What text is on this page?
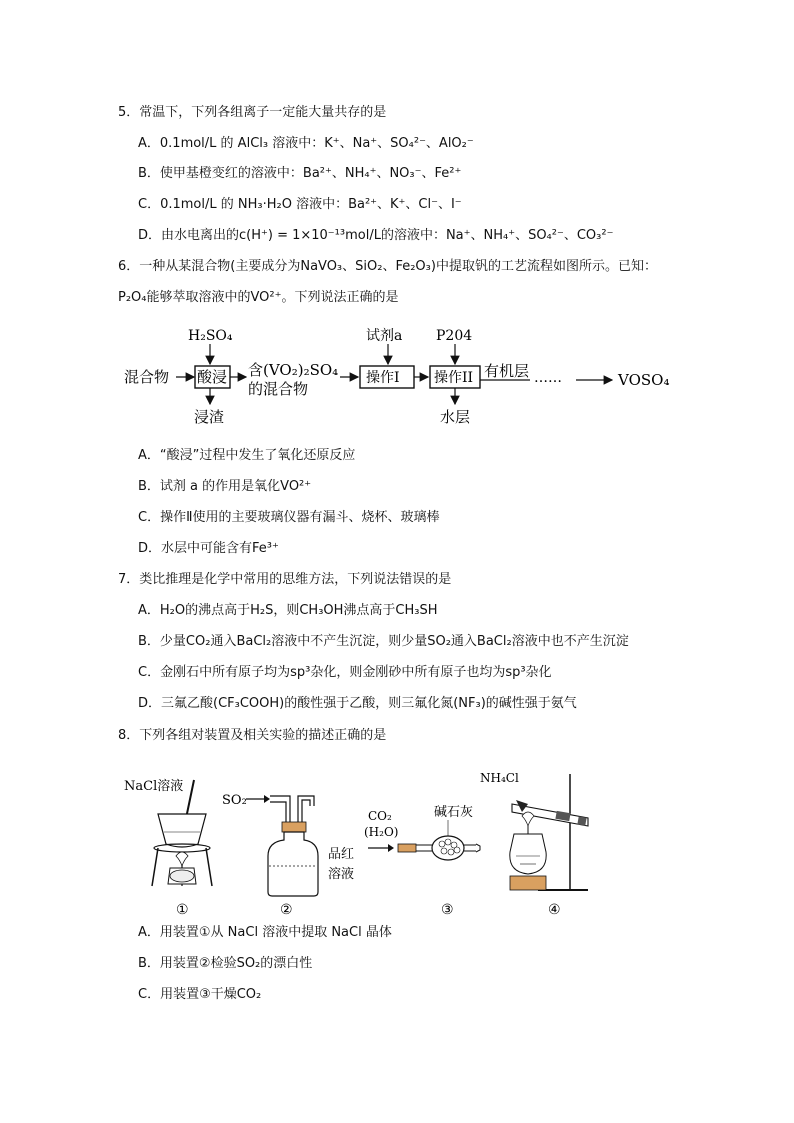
5．常温下，下列各组离子一定能大量共存的是
A．0.1mol/L 的 AlCl₃ 溶液中：K⁺、Na⁺、SO₄²⁻、AlO₂⁻
B．使甲基橙变红的溶液中：Ba²⁺、NH₄⁺、NO₃⁻、Fe²⁺
C．0.1mol/L 的 NH₃·H₂O 溶液中：Ba²⁺、K⁺、Cl⁻、I⁻
D．由水电离出的c(H⁺) = 1×10⁻¹³mol/L的溶液中：Na⁺、NH₄⁺、SO₄²⁻、CO₃²⁻
6．一种从某混合物(主要成分为NaVO₃、SiO₂、Fe₂O₃)中提取钒的工艺流程如图所示。已知：
P₂O₄能够萃取溶液中的VO²⁺。下列说法正确的是
混合物
H₂SO₄
酸浸
浸渣
含(VO₂)₂SO₄
的混合物
试剂a
操作I
P204
操作II
水层
有机层 ……	VOSO₄
A．“酸浸”过程中发生了氧化还原反应
B．试剂 a 的作用是氧化VO²⁺
C．操作Ⅱ使用的主要玻璃仪器有漏斗、烧杯、玻璃棒
D．水层中可能含有Fe³⁺
7．类比推理是化学中常用的思维方法，下列说法错误的是
A．H₂O的沸点高于H₂S，则CH₃OH沸点高于CH₃SH
B．少量CO₂通入BaCl₂溶液中不产生沉淀，则少量SO₂通入BaCl₂溶液中也不产生沉淀
C．金刚石中所有原子均为sp³杂化，则金刚砂中所有原子也均为sp³杂化
D．三氟乙酸(CF₃COOH)的酸性强于乙酸，则三氟化氮(NF₃)的碱性强于氨气
8．下列各组对装置及相关实验的描述正确的是
NaCl溶液
①
SO₂
品红
溶液
②
CO₂
(H₂O)
碱石灰
③
NH₄Cl
④
A．用装置①从 NaCl 溶液中提取 NaCl 晶体
B．用装置②检验SO₂的漂白性
C．用装置③干燥CO₂
